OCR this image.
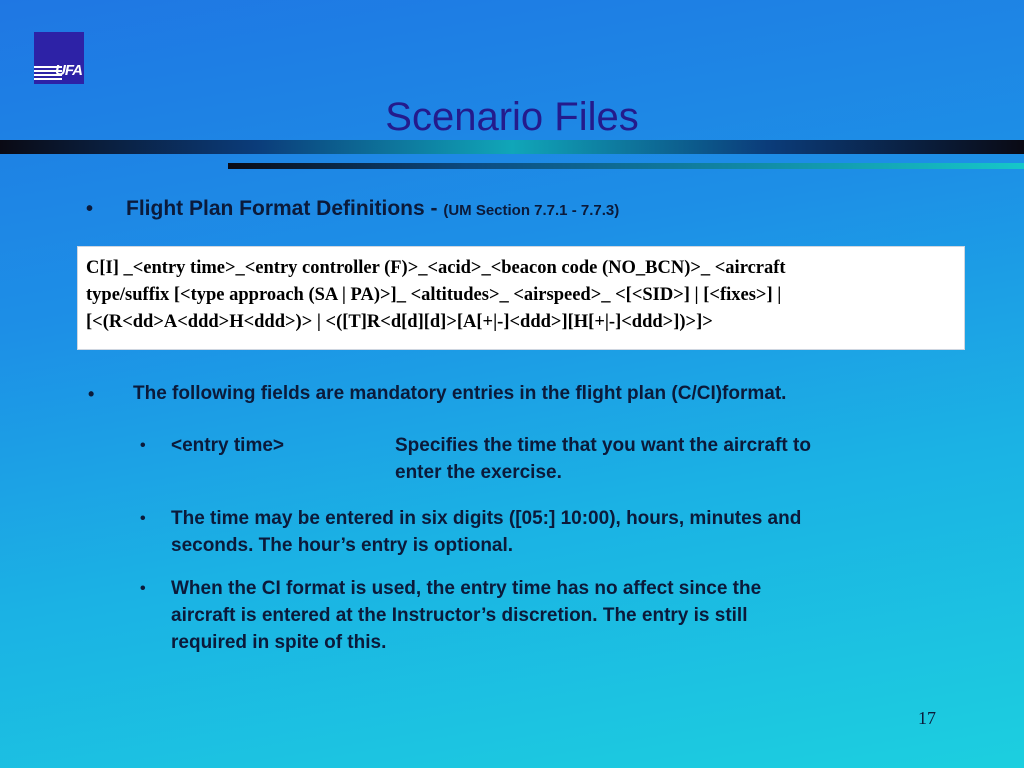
UFA
Scenario Files
• Flight Plan Format Definitions - (UM Section 7.7.1 - 7.7.3)
C[I] _<entry time>_<entry controller (F)>_<acid>_<beacon code (NO_BCN)>_ <aircraft
type/suffix [<type approach (SA | PA)>]_ <altitudes>_ <airspeed>_ <[<SID>] | [<fixes>] |
[<(R<dd>A<ddd>H<ddd>)> | <([T]R<d[d][d]>[A[+|-]<ddd>][H[+|-]<ddd>])>]>
• The following fields are mandatory entries in the flight plan (C/CI)format.
• <entry time>	Specifies the time that you want the aircraft to
enter the exercise.
• The time may be entered in six digits ([05:] 10:00), hours, minutes and
seconds. The hour’s entry is optional.
• When the CI format is used, the entry time has no affect since the
aircraft is entered at the Instructor’s discretion. The entry is still
required in spite of this.
17
